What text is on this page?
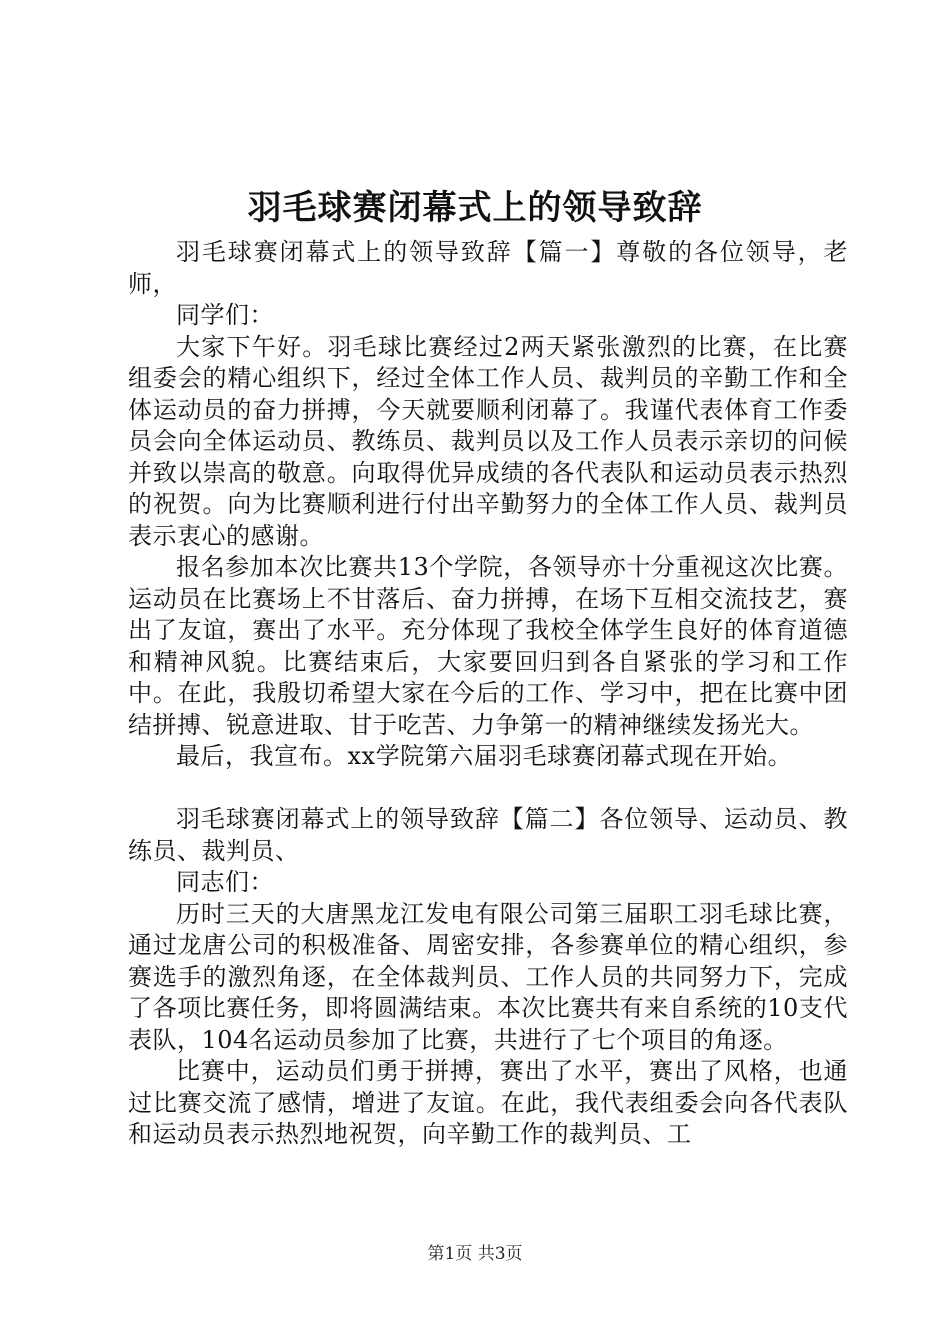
羽毛球赛闭幕式上的领导致辞

羽毛球赛闭幕式上的领导致辞【篇一】尊敬的各位领导，老师，

同学们：

大家下午好。羽毛球比赛经过2两天紧张激烈的比赛，在比赛组委会的精心组织下，经过全体工作人员、裁判员的辛勤工作和全体运动员的奋力拼搏，今天就要顺利闭幕了。我谨代表体育工作委员会向全体运动员、教练员、裁判员以及工作人员表示亲切的问候并致以崇高的敬意。向取得优异成绩的各代表队和运动员表示热烈的祝贺。向为比赛顺利进行付出辛勤努力的全体工作人员、裁判员表示衷心的感谢。

报名参加本次比赛共13个学院，各领导亦十分重视这次比赛。运动员在比赛场上不甘落后、奋力拼搏，在场下互相交流技艺，赛出了友谊，赛出了水平。充分体现了我校全体学生良好的体育道德和精神风貌。比赛结束后，大家要回归到各自紧张的学习和工作中。在此，我殷切希望大家在今后的工作、学习中，把在比赛中团结拼搏、锐意进取、甘于吃苦、力争第一的精神继续发扬光大。

最后，我宣布。xx学院第六届羽毛球赛闭幕式现在开始。

羽毛球赛闭幕式上的领导致辞【篇二】各位领导、运动员、教练员、裁判员、

同志们：

历时三天的大唐黑龙江发电有限公司第三届职工羽毛球比赛，通过龙唐公司的积极准备、周密安排，各参赛单位的精心组织，参赛选手的激烈角逐，在全体裁判员、工作人员的共同努力下，完成了各项比赛任务，即将圆满结束。本次比赛共有来自系统的10支代表队，104名运动员参加了比赛，共进行了七个项目的角逐。

比赛中，运动员们勇于拼搏，赛出了水平，赛出了风格，也通过比赛交流了感情，增进了友谊。在此，我代表组委会向各代表队和运动员表示热烈地祝贺，向辛勤工作的裁判员、工

第1页 共3页
